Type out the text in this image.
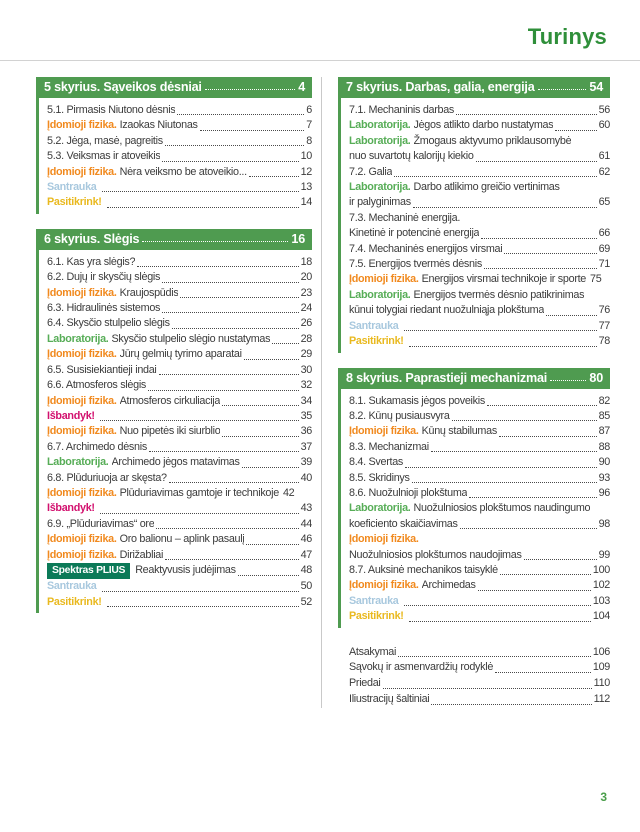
Turinys
5 skyrius. Sąveikos dėsniai	4
5.1. Pirmasis Niutono dėsnis	6
Įdomioji fizika. Izaokas Niutonas	7
5.2. Jėga, masė, pagreitis	8
5.3. Veiksmas ir atoveikis	10
Įdomioji fizika. Nėra veiksmo be atoveikio...	12
Santrauka	13
Pasitikrink!	14
6 skyrius. Slėgis	16
6.1. Kas yra slėgis?	18
6.2. Dujų ir skysčių slėgis	20
Įdomioji fizika. Kraujospūdis	23
6.3. Hidraulinės sistemos	24
6.4. Skysčio stulpelio slėgis	26
Laboratorija. Skysčio stulpelio slėgio nustatymas	28
Įdomioji fizika. Jūrų gelmių tyrimo aparatai	29
6.5. Susisiekiantieji indai	30
6.6. Atmosferos slėgis	32
Įdomioji fizika. Atmosferos cirkuliacija	34
Išbandyk!	35
Įdomioji fizika. Nuo pipetės iki siurblio	36
6.7. Archimedo dėsnis	37
Laboratorija. Archimedo jėgos matavimas	39
6.8. Plūduriuoja ar skęsta?	40
Įdomioji fizika. Plūduriavimas gamtoje ir technikoje 42
Išbandyk!	43
6.9. „Plūduriavimas“ ore	44
Įdomioji fizika. Oro balionu – aplink pasaulį	46
Įdomioji fizika. Dirižabliai	47
Spektras PLIUS Reaktyvusis judėjimas	48
Santrauka	50
Pasitikrink!	52
7 skyrius. Darbas, galia, energija	54
7.1. Mechaninis darbas	56
Laboratorija. Jėgos atlikto darbo nustatymas	60
Laboratorija. Žmogaus aktyvumo priklausomybė
nuo suvartotų kalorijų kiekio	61
7.2. Galia	62
Laboratorija. Darbo atlikimo greičio vertinimas
ir palyginimas	65
7.3. Mechaninė energija.
Kinetinė ir potencinė energija	66
7.4. Mechaninės energijos virsmai	69
7.5. Energijos tvermės dėsnis	71
Įdomioji fizika. Energijos virsmai technikoje ir sporte 75
Laboratorija. Energijos tvermės dėsnio patikrinimas
kūnui tolygiai riedant nuožulniąja plokštuma	76
Santrauka	77
Pasitikrink!	78
8 skyrius. Paprastieji mechanizmai	80
8.1. Sukamasis jėgos poveikis	82
8.2. Kūnų pusiausvyra	85
Įdomioji fizika. Kūnų stabilumas	87
8.3. Mechanizmai	88
8.4. Svertas	90
8.5. Skridinys	93
8.6. Nuožulnioji plokštuma	96
Laboratorija. Nuožulniosios plokštumos naudingumo
koeficiento skaičiavimas	98
Įdomioji fizika.
Nuožulniosios plokštumos naudojimas	99
8.7. Auksinė mechanikos taisyklė	100
Įdomioji fizika. Archimedas	102
Santrauka	103
Pasitikrink!	104
Atsakymai	106
Sąvokų ir asmenvardžių rodyklė	109
Priedai	110
Iliustracijų šaltiniai	112
3
